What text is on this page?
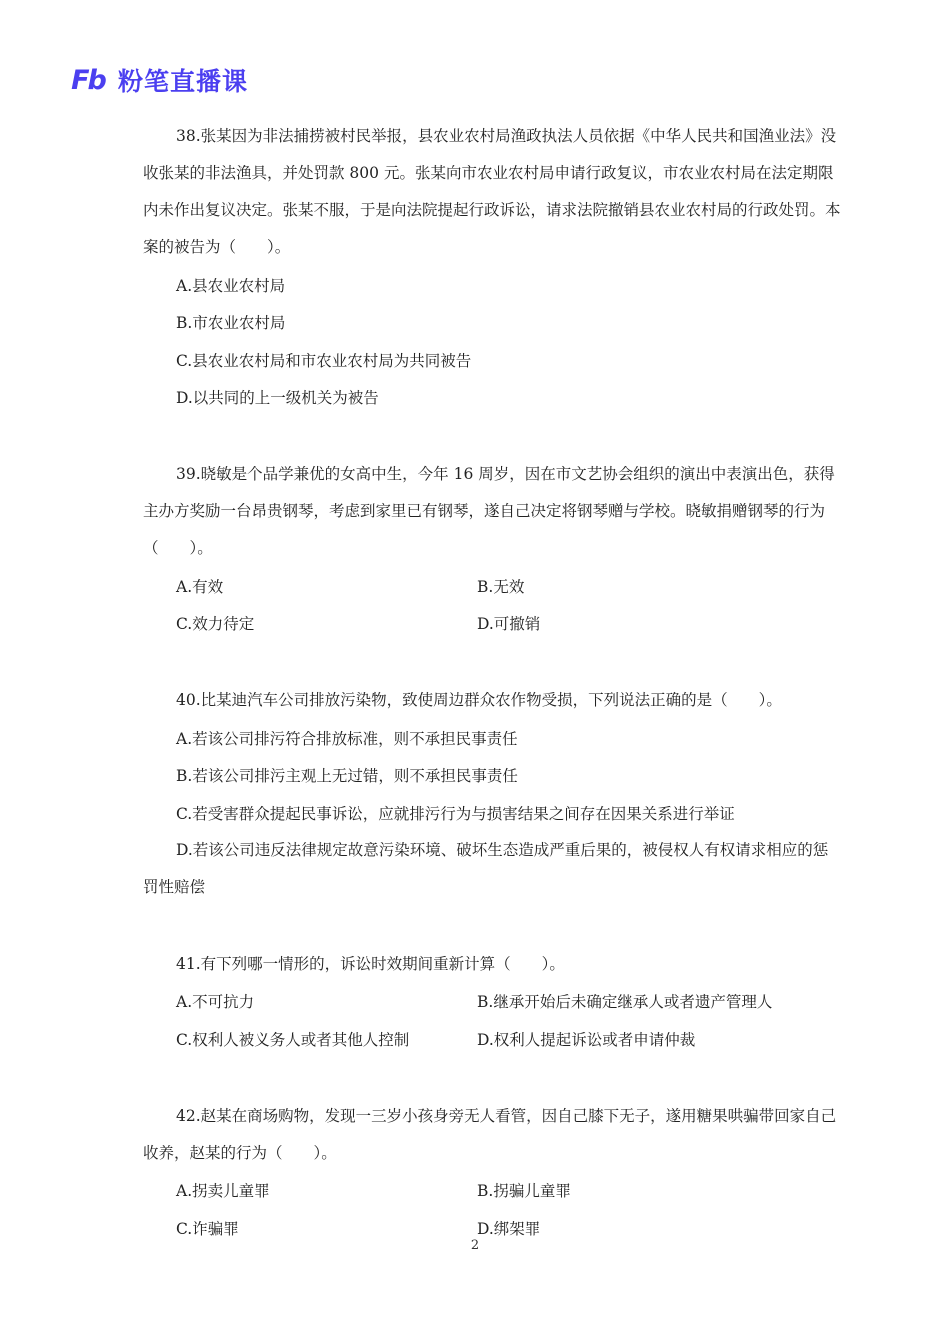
Fb 粉笔直播课

38.张某因为非法捕捞被村民举报，县农业农村局渔政执法人员依据《中华人民共和国渔业法》没收张某的非法渔具，并处罚款 800 元。张某向市农业农村局申请行政复议，市农业农村局在法定期限内未作出复议决定。张某不服，于是向法院提起行政诉讼，请求法院撤销县农业农村局的行政处罚。本案的被告为（　　）。

A.县农业农村局
B.市农业农村局
C.县农业农村局和市农业农村局为共同被告
D.以共同的上一级机关为被告

39.晓敏是个品学兼优的女高中生，今年 16 周岁，因在市文艺协会组织的演出中表演出色，获得主办方奖励一台昂贵钢琴，考虑到家里已有钢琴，遂自己决定将钢琴赠与学校。晓敏捐赠钢琴的行为（　　）。

A.有效	B.无效
C.效力待定	D.可撤销

40.比某迪汽车公司排放污染物，致使周边群众农作物受损，下列说法正确的是（　　）。

A.若该公司排污符合排放标准，则不承担民事责任
B.若该公司排污主观上无过错，则不承担民事责任
C.若受害群众提起民事诉讼，应就排污行为与损害结果之间存在因果关系进行举证

D.若该公司违反法律规定故意污染环境、破坏生态造成严重后果的，被侵权人有权请求相应的惩罚性赔偿

41.有下列哪一情形的，诉讼时效期间重新计算（　　）。

A.不可抗力	B.继承开始后未确定继承人或者遗产管理人
C.权利人被义务人或者其他人控制	D.权利人提起诉讼或者申请仲裁

42.赵某在商场购物，发现一三岁小孩身旁无人看管，因自己膝下无子，遂用糖果哄骗带回家自己收养，赵某的行为（　　）。

A.拐卖儿童罪	B.拐骗儿童罪
C.诈骗罪	D.绑架罪
2
